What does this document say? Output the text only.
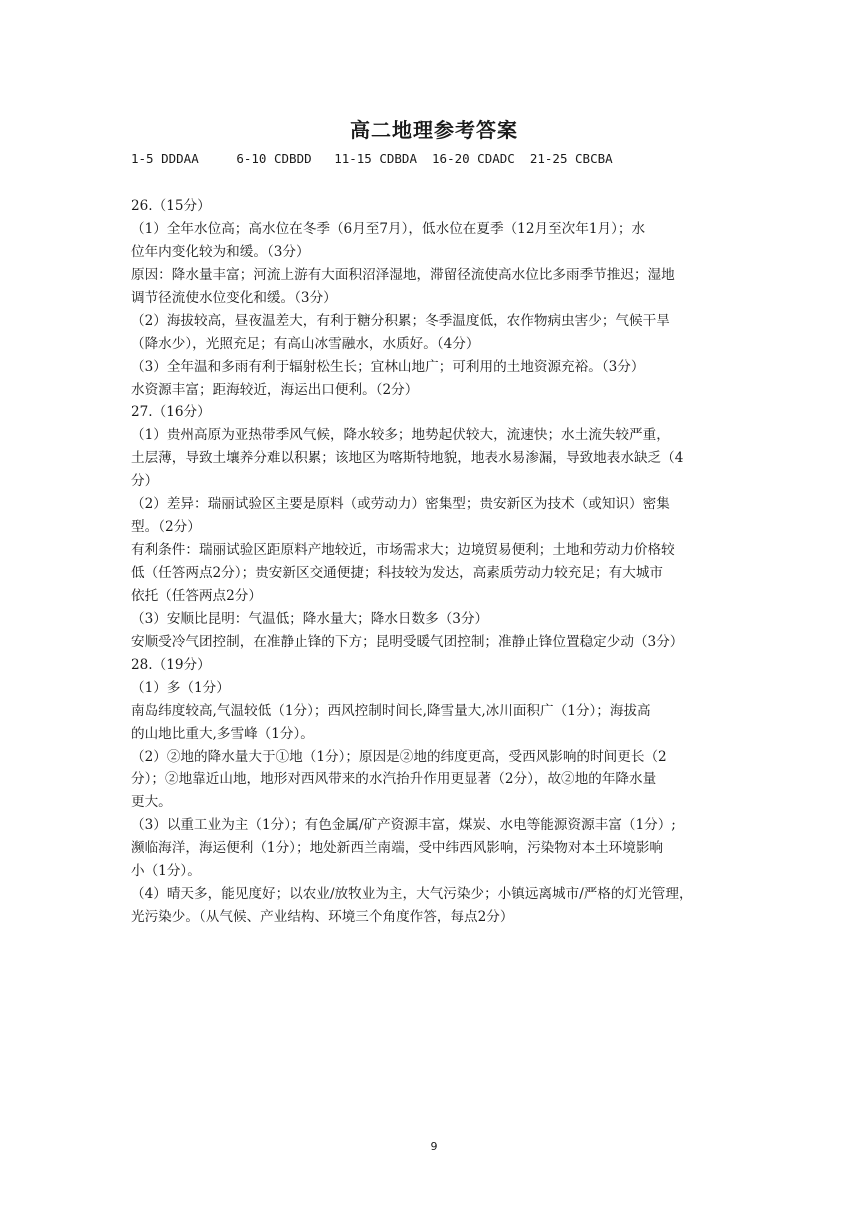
高二地理参考答案
1-5 DDDAA     6-10 CDBDD   11-15 CDBDA  16-20 CDADC  21-25 CBCBA
26.（15分）
（1）全年水位高；高水位在冬季（6月至7月），低水位在夏季（12月至次年1月）；水
位年内变化较为和缓。（3分）
原因：降水量丰富；河流上游有大面积沼泽湿地，滞留径流使高水位比多雨季节推迟；湿地
调节径流使水位变化和缓。（3分）
（2）海拔较高，昼夜温差大，有利于糖分积累；冬季温度低，农作物病虫害少；气候干旱
（降水少），光照充足；有高山冰雪融水，水质好。（4分）
（3）全年温和多雨有利于辐射松生长；宜林山地广；可利用的土地资源充裕。（3分）
水资源丰富；距海较近，海运出口便利。（2分）
27.（16分）
（1）贵州高原为亚热带季风气候，降水较多；地势起伏较大，流速快；水土流失较严重，
土层薄，导致土壤养分难以积累；该地区为喀斯特地貌，地表水易渗漏，导致地表水缺乏（4
分）
（2）差异：瑞丽试验区主要是原料（或劳动力）密集型；贵安新区为技术（或知识）密集
型。（2分）
有利条件：瑞丽试验区距原料产地较近，市场需求大；边境贸易便利；土地和劳动力价格较
低（任答两点2分）；贵安新区交通便捷；科技较为发达，高素质劳动力较充足；有大城市
依托（任答两点2分）
（3）安顺比昆明：气温低；降水量大；降水日数多（3分）
安顺受冷气团控制，在准静止锋的下方；昆明受暖气团控制；准静止锋位置稳定少动（3分）
28.（19分）
（1）多（1分）
南岛纬度较高,气温较低（1分）；西风控制时间长,降雪量大,冰川面积广（1分）；海拔高
的山地比重大,多雪峰（1分）。
（2）②地的降水量大于①地（1分）；原因是②地的纬度更高，受西风影响的时间更长（2
分）；②地靠近山地，地形对西风带来的水汽抬升作用更显著（2分），故②地的年降水量
更大。
（3）以重工业为主（1分）；有色金属/矿产资源丰富，煤炭、水电等能源资源丰富（1分）;
濒临海洋，海运便利（1分）；地处新西兰南端，受中纬西风影响，污染物对本土环境影响
小（1分）。
（4）晴天多，能见度好；以农业/放牧业为主，大气污染少；小镇远离城市/严格的灯光管理，
光污染少。（从气候、产业结构、环境三个角度作答，每点2分）
9
